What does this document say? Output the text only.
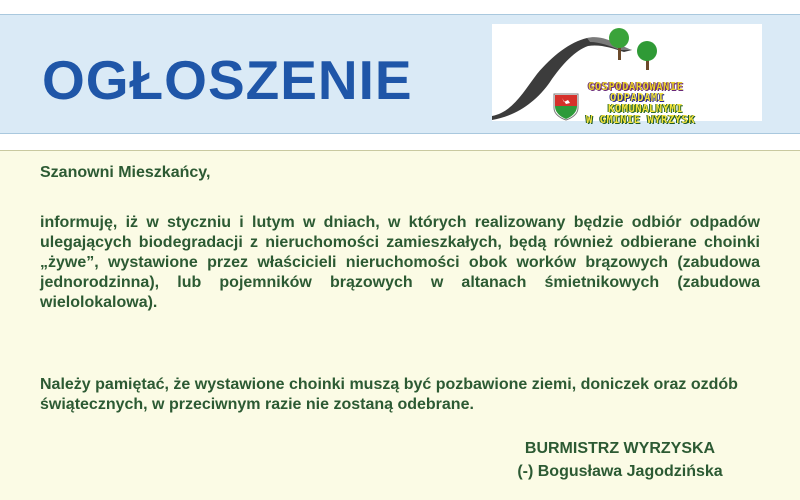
OGŁOSZENIE	GOSPODAROWANIE
ODPADAMI
KOMUNALNYMI
W GMINIE WYRZYSK
Szanowni Mieszkańcy,
informuję, iż w styczniu i lutym w dniach, w których realizowany będzie odbiór odpadów ulegających biodegradacji z nieruchomości zamieszkałych, będą również odbierane choinki „żywe”, wystawione przez właścicieli nieruchomości obok worków brązowych (zabudowa jednorodzinna), lub pojemników brązowych w altanach śmietnikowych (zabudowa wielolokalowa).
Należy pamiętać, że wystawione choinki muszą być pozbawione ziemi, doniczek oraz ozdób świątecznych, w przeciwnym razie nie zostaną odebrane.
BURMISTRZ WYRZYSKA
(-) Bogusława Jagodzińska
